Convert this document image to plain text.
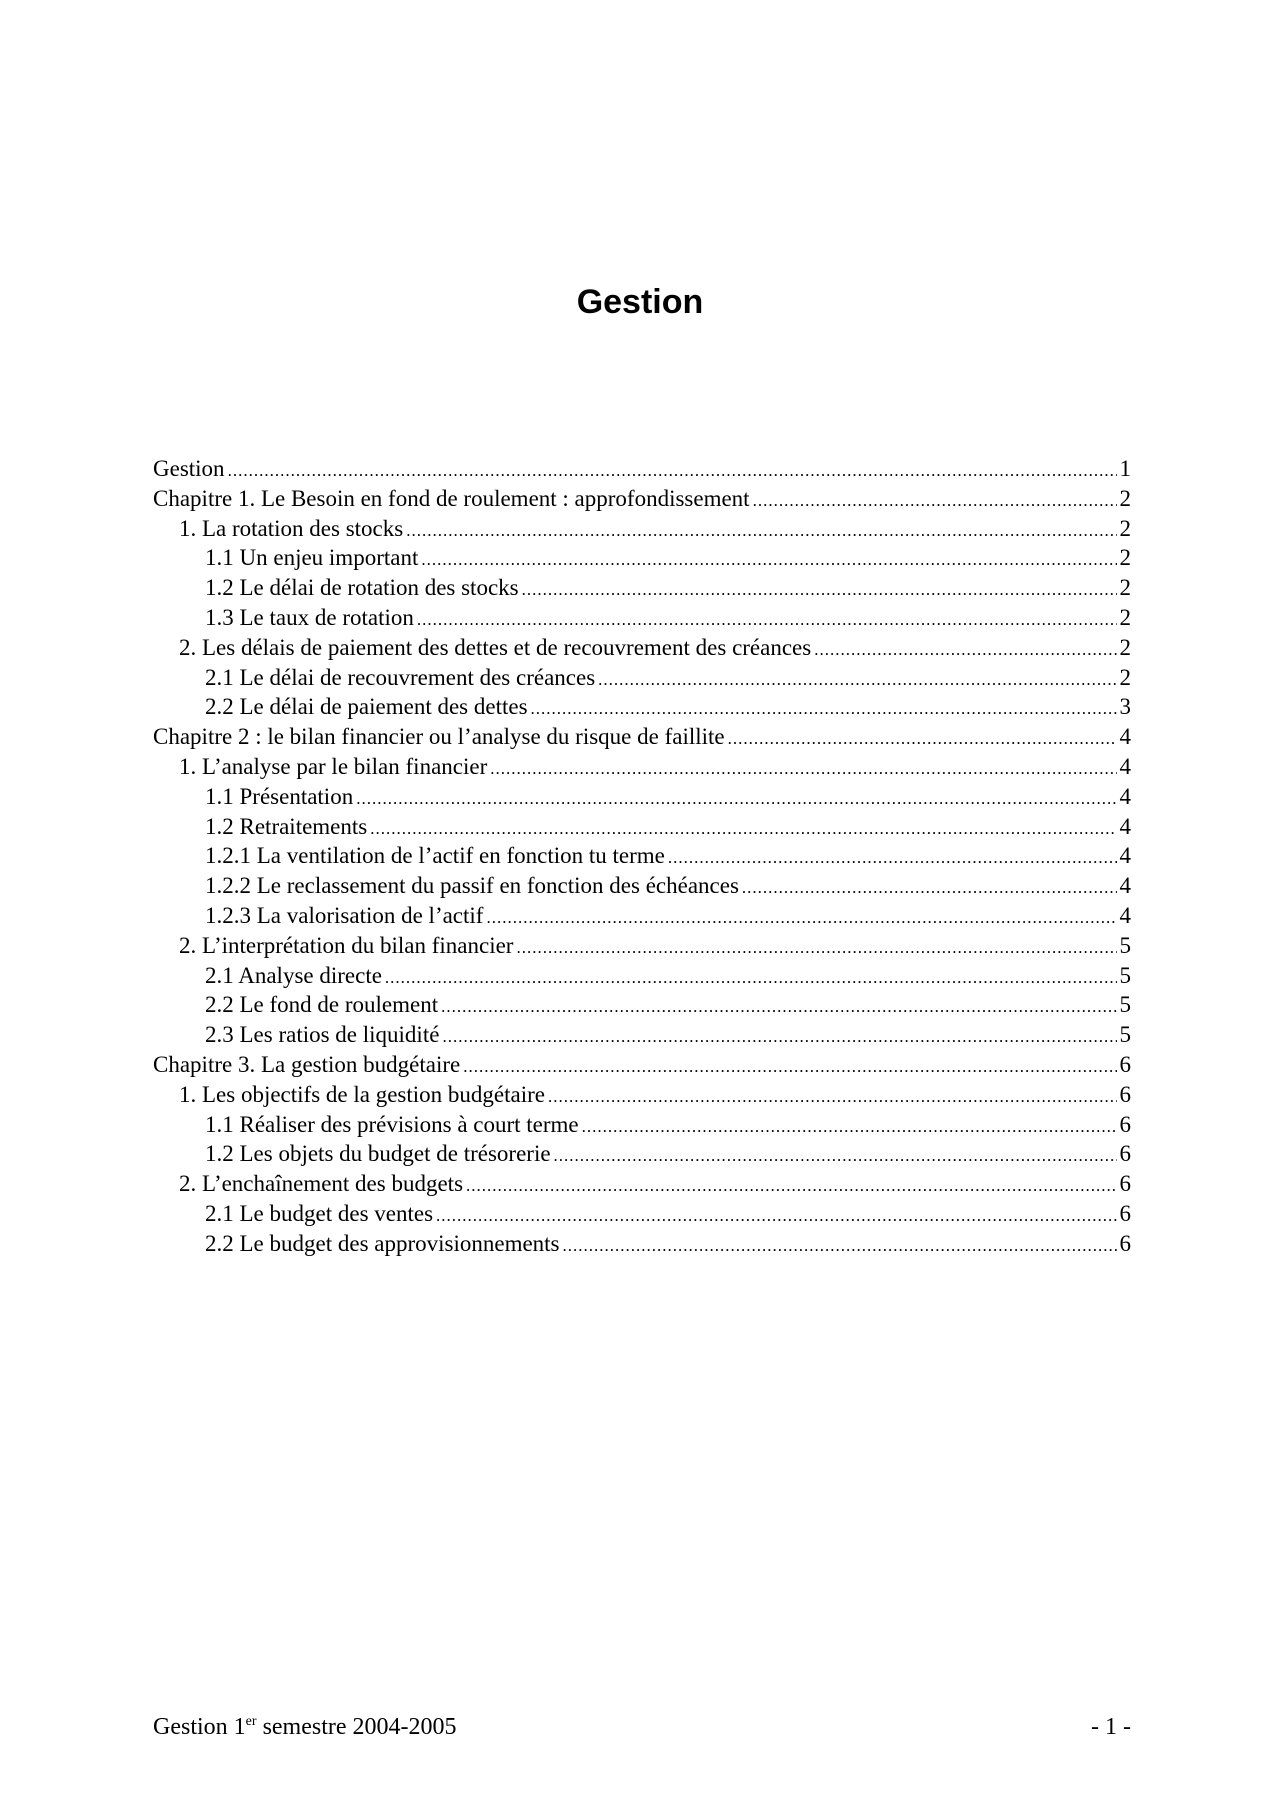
Gestion
Gestion .....	1
Chapitre 1. Le Besoin en fond de roulement : approfondissement .....	2
1. La rotation des stocks .....	2
1.1 Un enjeu important .....	2
1.2 Le délai de rotation des stocks .....	2
1.3 Le taux de rotation .....	2
2. Les délais de paiement des dettes et de recouvrement des créances .....	2
2.1 Le délai de recouvrement des créances .....	2
2.2 Le délai de paiement des dettes .....	3
Chapitre 2 : le bilan financier ou l’analyse du risque de faillite .....	4
1. L’analyse par le bilan financier .....	4
1.1 Présentation .....	4
1.2 Retraitements .....	4
1.2.1 La ventilation de l’actif en fonction tu terme .....	4
1.2.2 Le reclassement du passif en fonction des échéances .....	4
1.2.3 La valorisation de l’actif .....	4
2. L’interprétation du bilan financier .....	5
2.1 Analyse directe .....	5
2.2 Le fond de roulement .....	5
2.3 Les ratios de liquidité .....	5
Chapitre 3. La gestion budgétaire .....	6
1. Les objectifs de la gestion budgétaire .....	6
1.1 Réaliser des prévisions à court terme .....	6
1.2 Les objets du budget de trésorerie .....	6
2. L’enchaînement des budgets .....	6
2.1 Le budget des ventes .....	6
2.2 Le budget des approvisionnements .....	6
Gestion 1er semestre 2004-2005	- 1 -
